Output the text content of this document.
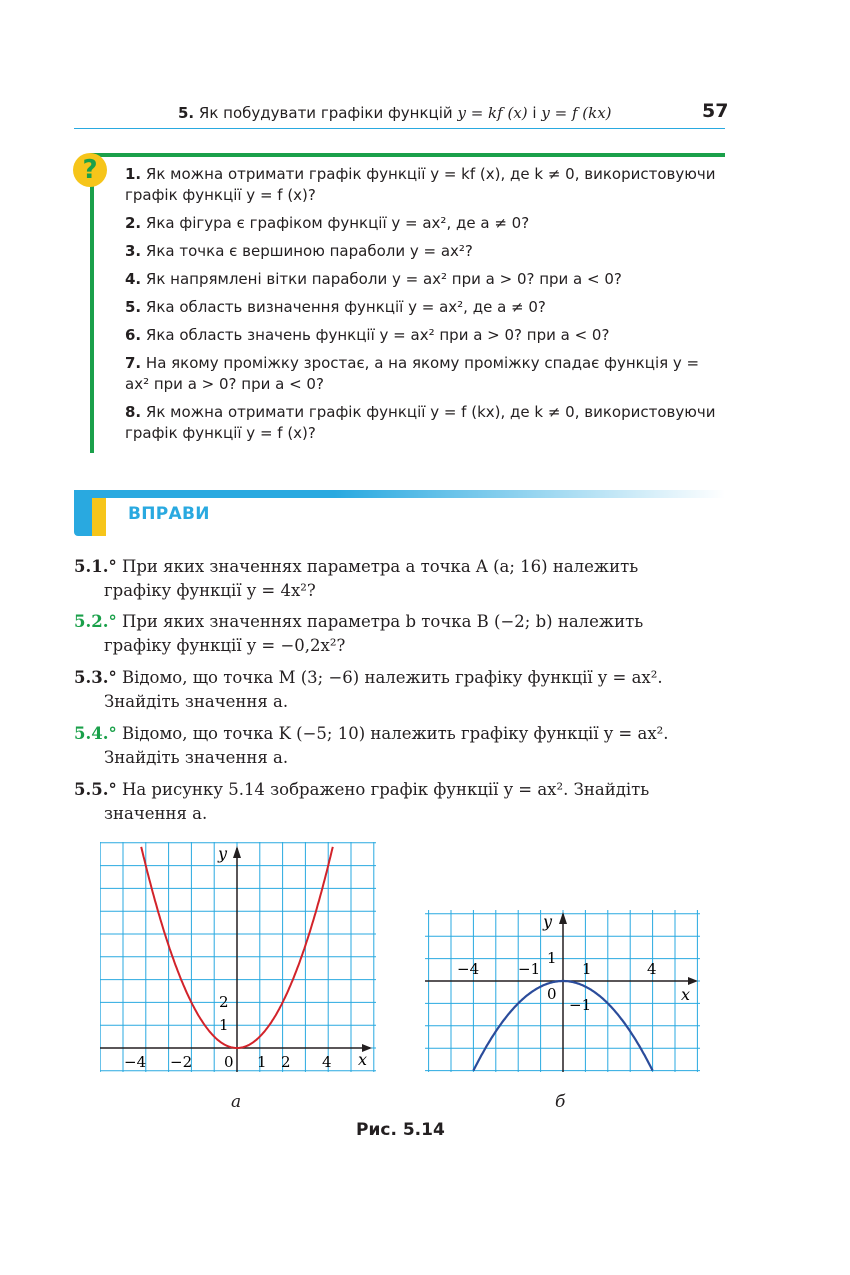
5. Як побудувати графіки функцій y = kf (x) і y = f (kx)	57
?	1. Як можна отримати графік функції y = kf (x), де k ≠ 0, використовуючи графік функції y = f (x)?
2. Яка фігура є графіком функції y = ax², де a ≠ 0?
3. Яка точка є вершиною параболи y = ax²?
4. Як напрямлені вітки параболи y = ax² при a > 0? при a < 0?
5. Яка область визначення функції y = ax², де a ≠ 0?
6. Яка область значень функції y = ax² при a > 0? при a < 0?
7. На якому проміжку зростає, а на якому проміжку спадає функція y = ax² при a > 0? при a < 0?
8. Як можна отримати графік функції y = f (kx), де k ≠ 0, використовуючи графік функції y = f (x)?
ВПРАВИ
5.1.° При яких значеннях параметра a точка A (a; 16) належить
графіку функції y = 4x²?
5.2.° При яких значеннях параметра b точка B (−2; b) належить
графіку функції y = −0,2x²?
5.3.° Відомо, що точка M (3; −6) належить графіку функції y = ax².
Знайдіть значення a.
5.4.° Відомо, що точка K (−5; 10) належить графіку функції y = ax².
Знайдіть значення a.
5.5.° На рисунку 5.14 зображено графік функції y = ax². Знайдіть
значення a.
−4 −2 0 1 2 4
1
2
x
y
−4	−1	1	4
1
0
−1
x
y
а	б
Рис. 5.14
